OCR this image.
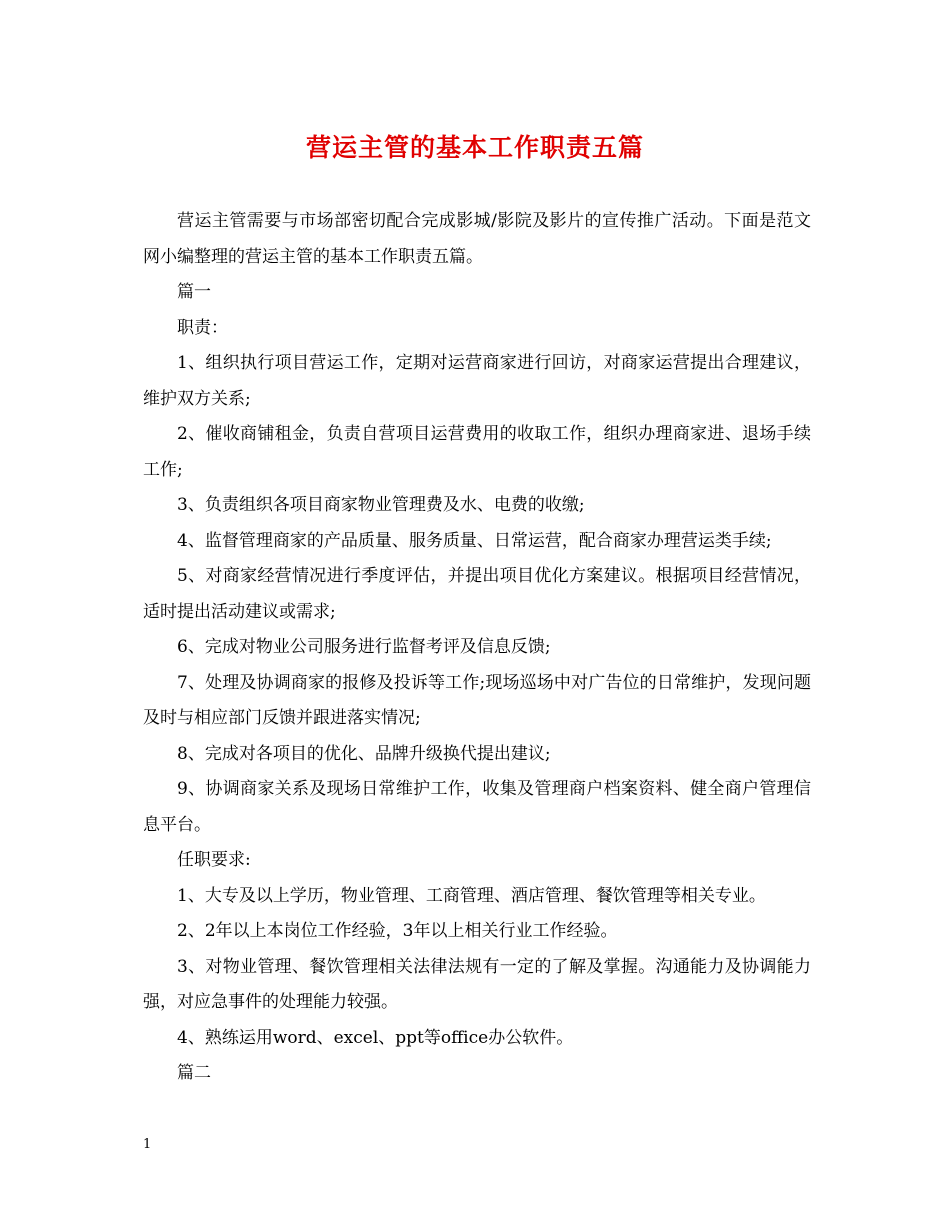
营运主管的基本工作职责五篇

营运主管需要与市场部密切配合完成影城/影院及影片的宣传推广活动。下面是范文网小编整理的营运主管的基本工作职责五篇。

篇一

职责：

1、组织执行项目营运工作，定期对运营商家进行回访，对商家运营提出合理建议，维护双方关系;

2、催收商铺租金，负责自营项目运营费用的收取工作，组织办理商家进、退场手续工作;

3、负责组织各项目商家物业管理费及水、电费的收缴;

4、监督管理商家的产品质量、服务质量、日常运营，配合商家办理营运类手续;

5、对商家经营情况进行季度评估，并提出项目优化方案建议。根据项目经营情况，适时提出活动建议或需求;

6、完成对物业公司服务进行监督考评及信息反馈;

7、处理及协调商家的报修及投诉等工作;现场巡场中对广告位的日常维护，发现问题及时与相应部门反馈并跟进落实情况;

8、完成对各项目的优化、品牌升级换代提出建议;

9、协调商家关系及现场日常维护工作，收集及管理商户档案资料、健全商户管理信息平台。

任职要求:

1、大专及以上学历，物业管理、工商管理、酒店管理、餐饮管理等相关专业。

2、2年以上本岗位工作经验，3年以上相关行业工作经验。

3、对物业管理、餐饮管理相关法律法规有一定的了解及掌握。沟通能力及协调能力强，对应急事件的处理能力较强。

4、熟练运用word、excel、ppt等office办公软件。

篇二

1
